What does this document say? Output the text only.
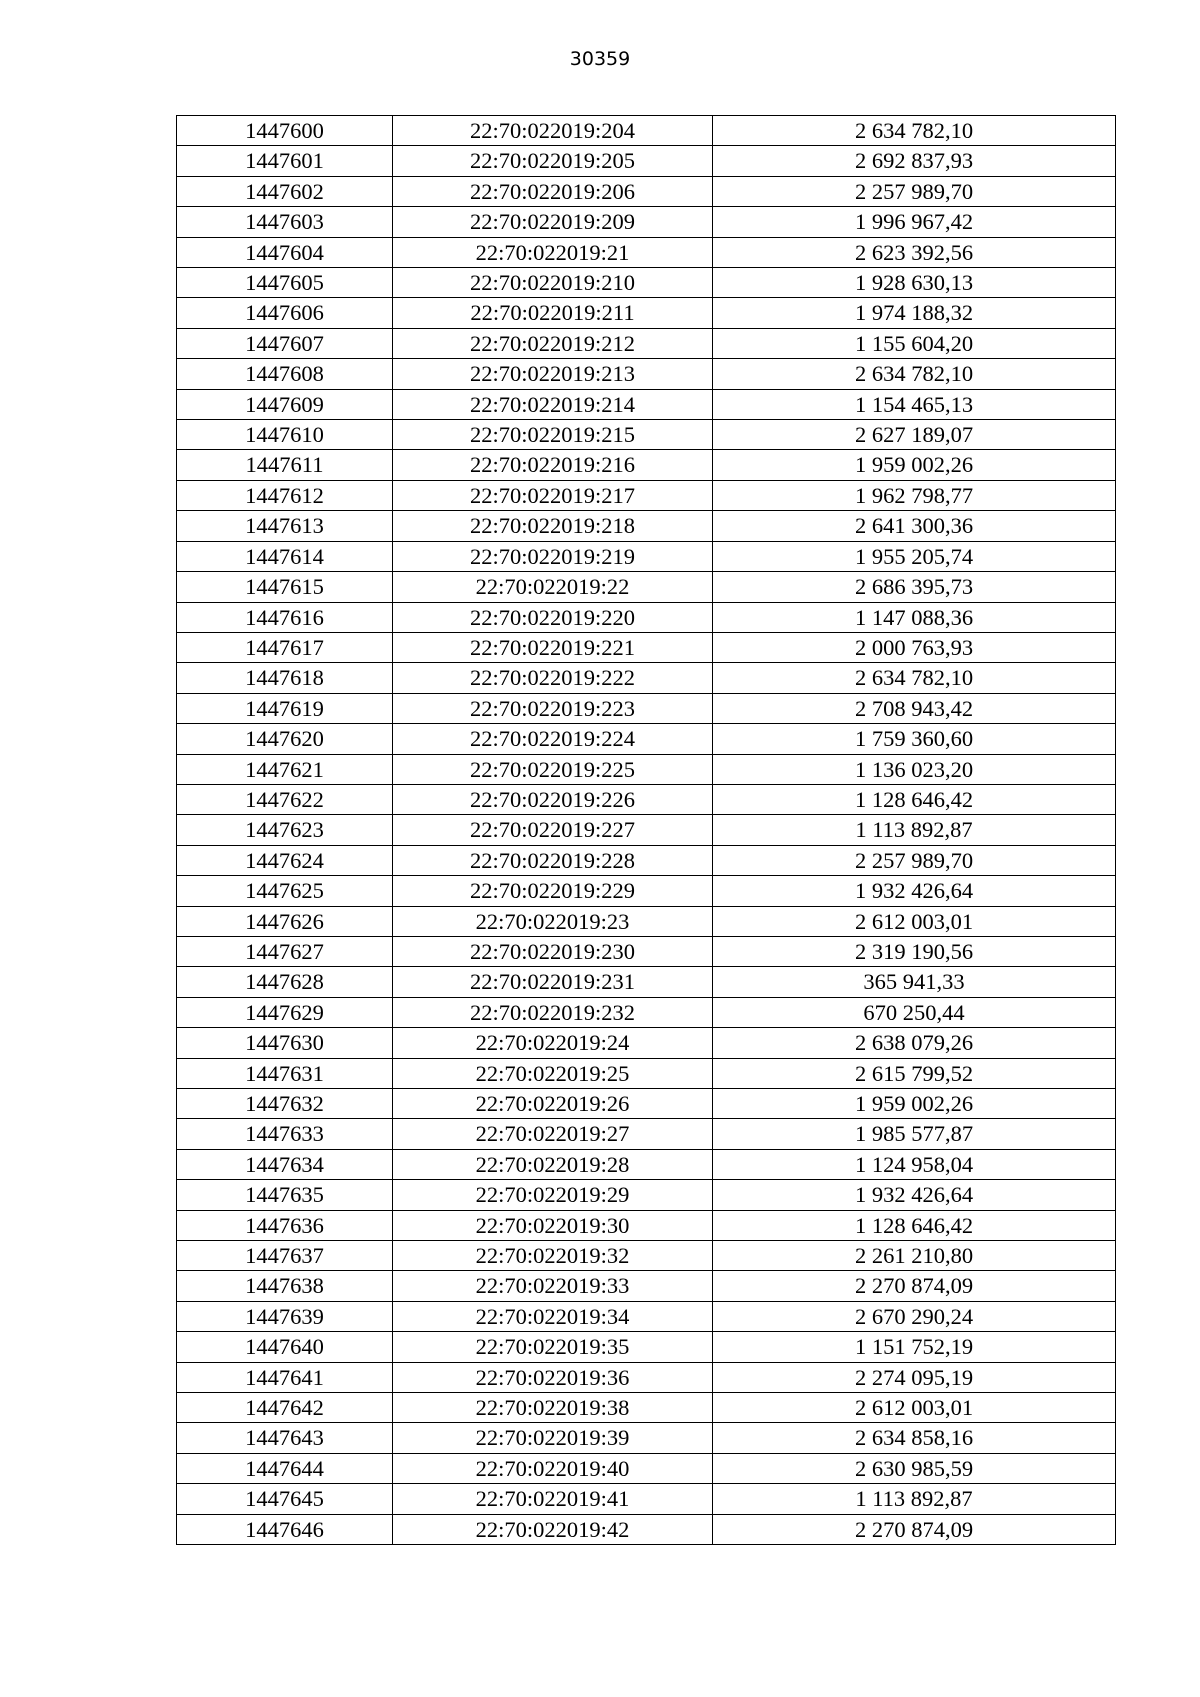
30359
1447600	22:70:022019:204	2 634 782,10
1447601	22:70:022019:205	2 692 837,93
1447602	22:70:022019:206	2 257 989,70
1447603	22:70:022019:209	1 996 967,42
1447604	22:70:022019:21	2 623 392,56
1447605	22:70:022019:210	1 928 630,13
1447606	22:70:022019:211	1 974 188,32
1447607	22:70:022019:212	1 155 604,20
1447608	22:70:022019:213	2 634 782,10
1447609	22:70:022019:214	1 154 465,13
1447610	22:70:022019:215	2 627 189,07
1447611	22:70:022019:216	1 959 002,26
1447612	22:70:022019:217	1 962 798,77
1447613	22:70:022019:218	2 641 300,36
1447614	22:70:022019:219	1 955 205,74
1447615	22:70:022019:22	2 686 395,73
1447616	22:70:022019:220	1 147 088,36
1447617	22:70:022019:221	2 000 763,93
1447618	22:70:022019:222	2 634 782,10
1447619	22:70:022019:223	2 708 943,42
1447620	22:70:022019:224	1 759 360,60
1447621	22:70:022019:225	1 136 023,20
1447622	22:70:022019:226	1 128 646,42
1447623	22:70:022019:227	1 113 892,87
1447624	22:70:022019:228	2 257 989,70
1447625	22:70:022019:229	1 932 426,64
1447626	22:70:022019:23	2 612 003,01
1447627	22:70:022019:230	2 319 190,56
1447628	22:70:022019:231	365 941,33
1447629	22:70:022019:232	670 250,44
1447630	22:70:022019:24	2 638 079,26
1447631	22:70:022019:25	2 615 799,52
1447632	22:70:022019:26	1 959 002,26
1447633	22:70:022019:27	1 985 577,87
1447634	22:70:022019:28	1 124 958,04
1447635	22:70:022019:29	1 932 426,64
1447636	22:70:022019:30	1 128 646,42
1447637	22:70:022019:32	2 261 210,80
1447638	22:70:022019:33	2 270 874,09
1447639	22:70:022019:34	2 670 290,24
1447640	22:70:022019:35	1 151 752,19
1447641	22:70:022019:36	2 274 095,19
1447642	22:70:022019:38	2 612 003,01
1447643	22:70:022019:39	2 634 858,16
1447644	22:70:022019:40	2 630 985,59
1447645	22:70:022019:41	1 113 892,87
1447646	22:70:022019:42	2 270 874,09
